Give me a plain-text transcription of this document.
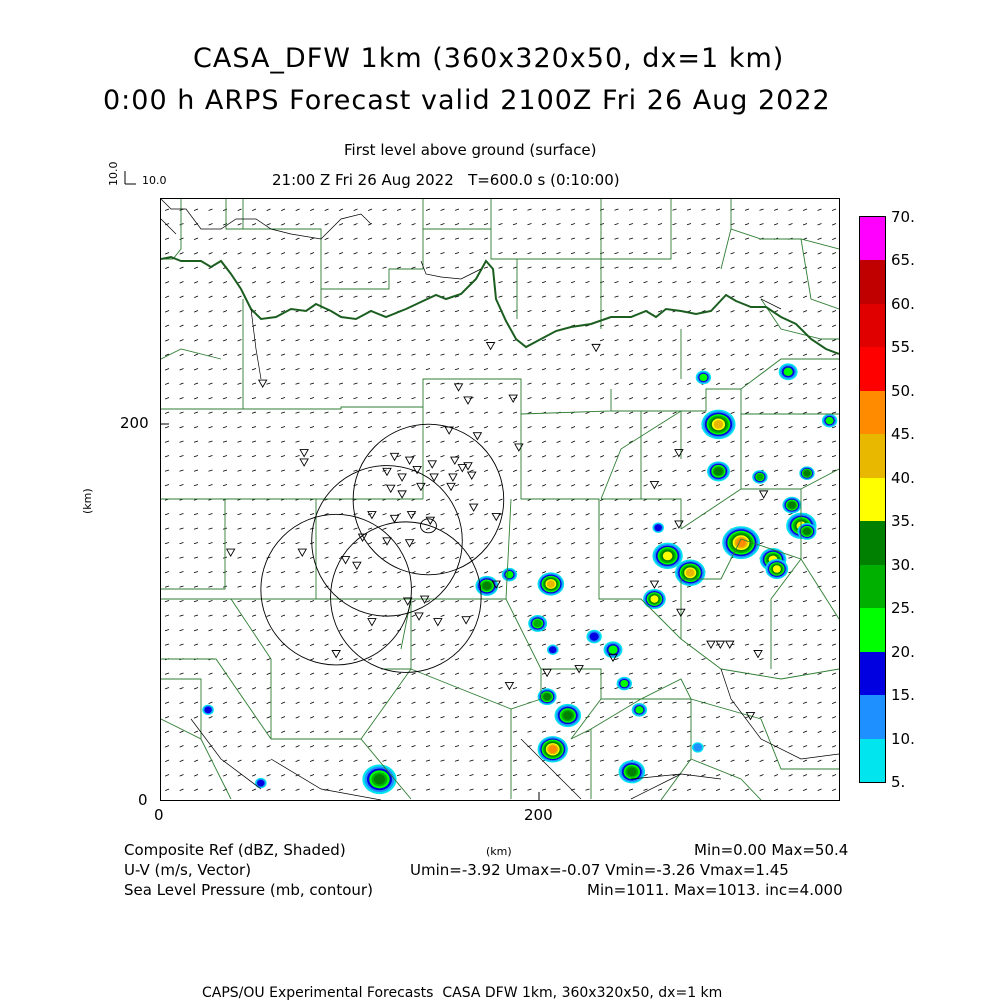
CASA_DFW 1km (360x320x50, dx=1 km)
0:00 h ARPS Forecast valid 2100Z Fri 26 Aug 2022
First level above ground (surface)
21:00 Z Fri 26 Aug 2022   T=600.0 s (0:10:00)
10.0 10.0
200
0
(km)
0	200
(km)
70.
65.
60.
55.
50.
45.
40.
35.
30.
25.
20.
15.
10.
5.
Composite Ref (dBZ, Shaded)	Min=0.00 Max=50.4
U-V (m/s, Vector)	Umin=-3.92 Umax=-0.07 Vmin=-3.26 Vmax=1.45
Sea Level Pressure (mb, contour)	Min=1011. Max=1013. inc=4.000
CAPS/OU Experimental Forecasts  CASA DFW 1km, 360x320x50, dx=1 km
